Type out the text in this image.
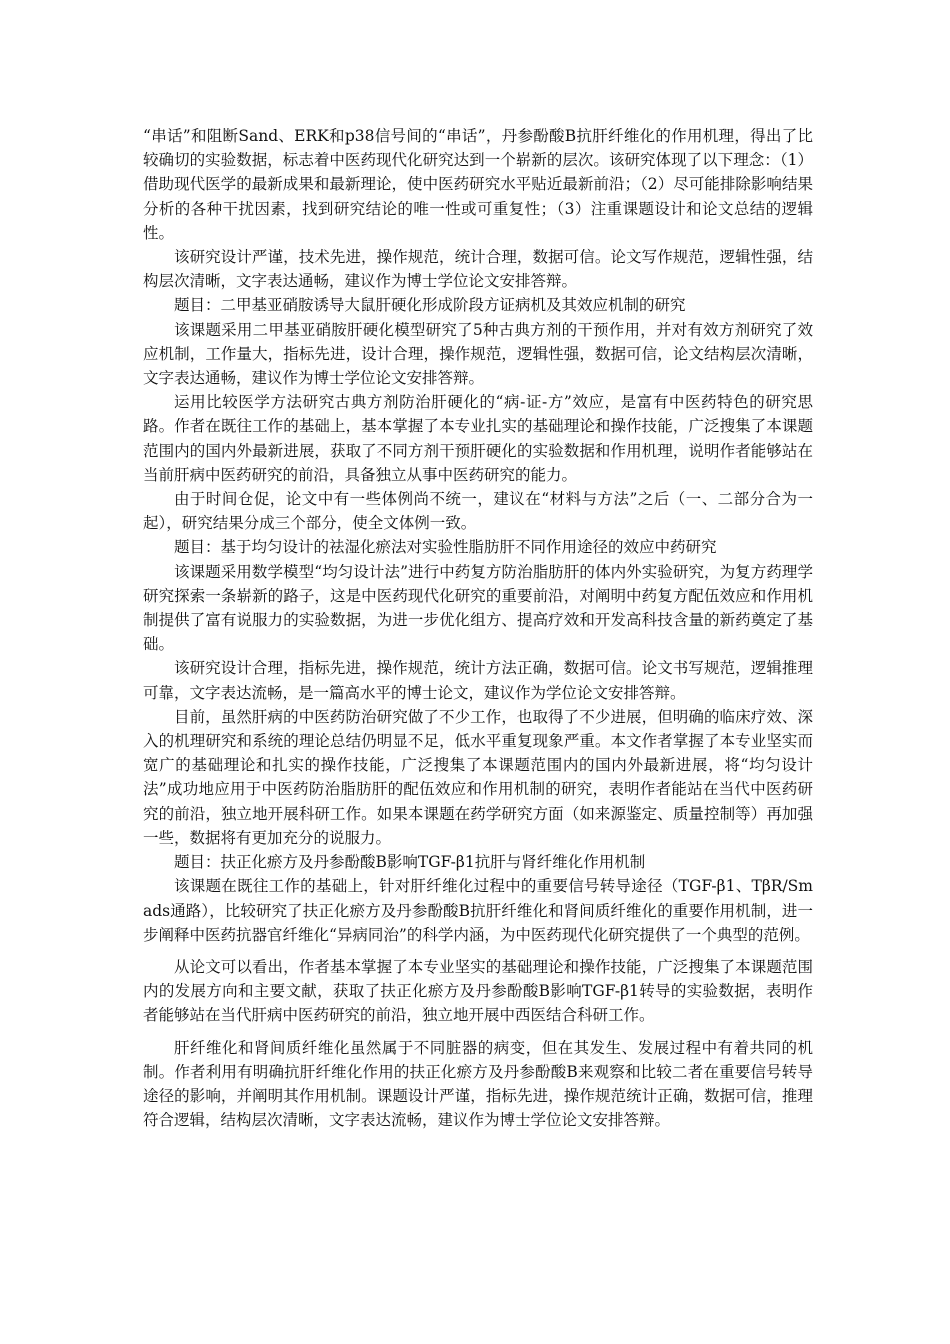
“串话”和阻断Sand、ERK和p38信号间的“串话”，丹参酚酸B抗肝纤维化的作用机理，得出了比较确切的实验数据，标志着中医药现代化研究达到一个崭新的层次。该研究体现了以下理念：（1）借助现代医学的最新成果和最新理论，使中医药研究水平贴近最新前沿；（2）尽可能排除影响结果分析的各种干扰因素，找到研究结论的唯一性或可重复性；（3）注重课题设计和论文总结的逻辑性。

该研究设计严谨，技术先进，操作规范，统计合理，数据可信。论文写作规范，逻辑性强，结构层次清晰，文字表达通畅，建议作为博士学位论文安排答辩。

题目：二甲基亚硝胺诱导大鼠肝硬化形成阶段方证病机及其效应机制的研究

该课题采用二甲基亚硝胺肝硬化模型研究了5种古典方剂的干预作用，并对有效方剂研究了效应机制，工作量大，指标先进，设计合理，操作规范，逻辑性强，数据可信，论文结构层次清晰，文字表达通畅，建议作为博士学位论文安排答辩。

运用比较医学方法研究古典方剂防治肝硬化的“病-证-方”效应，是富有中医药特色的研究思路。作者在既往工作的基础上，基本掌握了本专业扎实的基础理论和操作技能，广泛搜集了本课题范围内的国内外最新进展，获取了不同方剂干预肝硬化的实验数据和作用机理，说明作者能够站在当前肝病中医药研究的前沿，具备独立从事中医药研究的能力。

由于时间仓促，论文中有一些体例尚不统一，建议在“材料与方法”之后（一、二部分合为一起），研究结果分成三个部分，使全文体例一致。

题目：基于均匀设计的祛湿化瘀法对实验性脂肪肝不同作用途径的效应中药研究

该课题采用数学模型“均匀设计法”进行中药复方防治脂肪肝的体内外实验研究，为复方药理学研究探索一条崭新的路子，这是中医药现代化研究的重要前沿，对阐明中药复方配伍效应和作用机制提供了富有说服力的实验数据，为进一步优化组方、提高疗效和开发高科技含量的新药奠定了基础。

该研究设计合理，指标先进，操作规范，统计方法正确，数据可信。论文书写规范，逻辑推理可靠，文字表达流畅，是一篇高水平的博士论文，建议作为学位论文安排答辩。

目前，虽然肝病的中医药防治研究做了不少工作，也取得了不少进展，但明确的临床疗效、深入的机理研究和系统的理论总结仍明显不足，低水平重复现象严重。本文作者掌握了本专业坚实而宽广的基础理论和扎实的操作技能，广泛搜集了本课题范围内的国内外最新进展，将“均匀设计法”成功地应用于中医药防治脂肪肝的配伍效应和作用机制的研究，表明作者能站在当代中医药研究的前沿，独立地开展科研工作。如果本课题在药学研究方面（如来源鉴定、质量控制等）再加强一些，数据将有更加充分的说服力。

题目：扶正化瘀方及丹参酚酸B影响TGF-β1抗肝与肾纤维化作用机制

该课题在既往工作的基础上，针对肝纤维化过程中的重要信号转导途径（TGF-β1、TβR/Smads通路），比较研究了扶正化瘀方及丹参酚酸B抗肝纤维化和肾间质纤维化的重要作用机制，进一步阐释中医药抗器官纤维化“异病同治”的科学内涵，为中医药现代化研究提供了一个典型的范例。

从论文可以看出，作者基本掌握了本专业坚实的基础理论和操作技能，广泛搜集了本课题范围内的发展方向和主要文献，获取了扶正化瘀方及丹参酚酸B影响TGF-β1转导的实验数据，表明作者能够站在当代肝病中医药研究的前沿，独立地开展中西医结合科研工作。

肝纤维化和肾间质纤维化虽然属于不同脏器的病变，但在其发生、发展过程中有着共同的机制。作者利用有明确抗肝纤维化作用的扶正化瘀方及丹参酚酸B来观察和比较二者在重要信号转导途径的影响，并阐明其作用机制。课题设计严谨，指标先进，操作规范统计正确，数据可信，推理符合逻辑，结构层次清晰，文字表达流畅，建议作为博士学位论文安排答辩。
